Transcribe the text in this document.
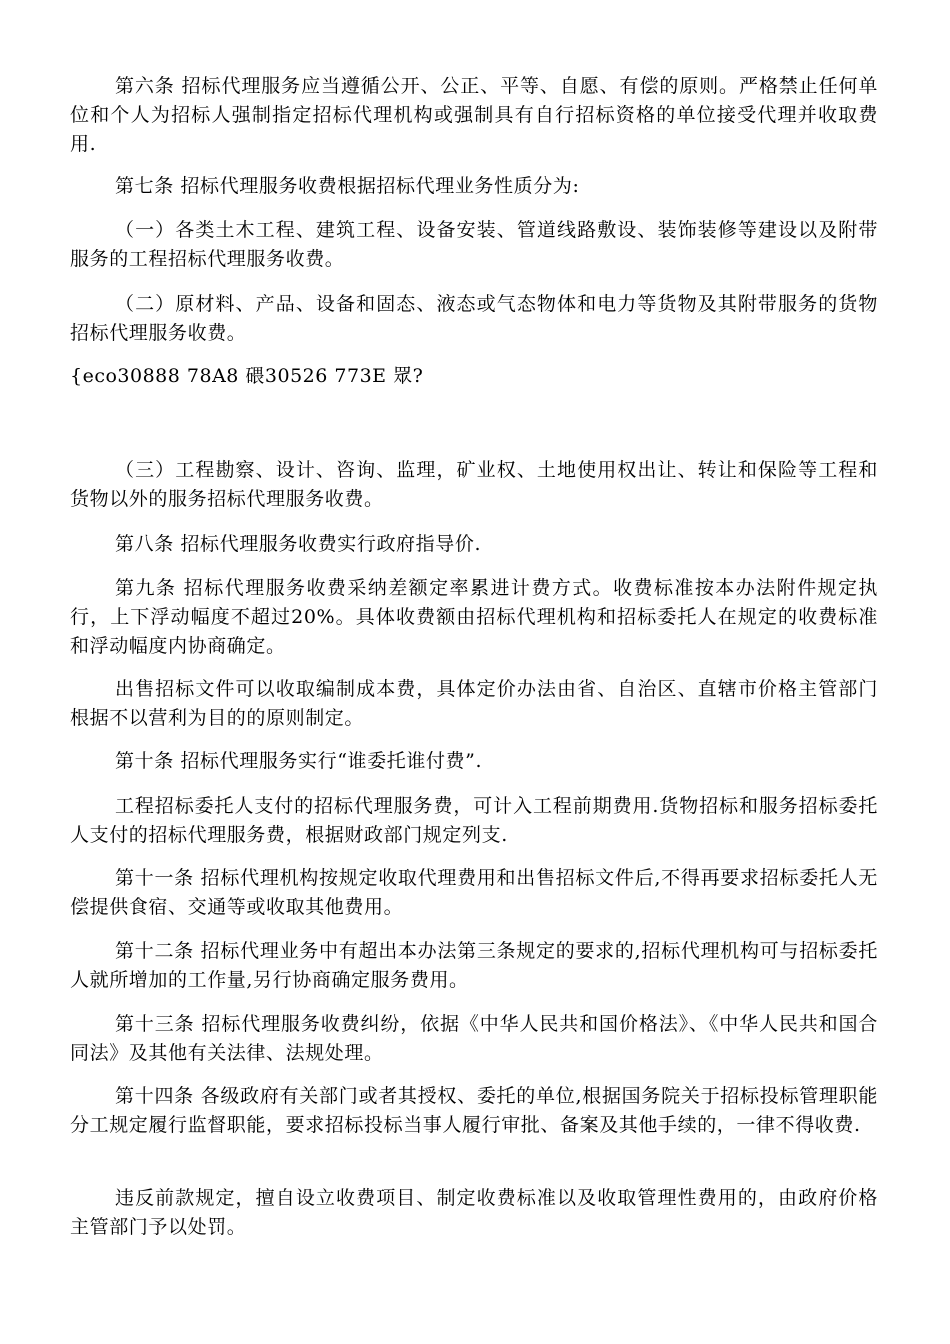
第六条 招标代理服务应当遵循公开、公正、平等、自愿、有偿的原则。严格禁止任何单位和个人为招标人强制指定招标代理机构或强制具有自行招标资格的单位接受代理并收取费用.

第七条 招标代理服务收费根据招标代理业务性质分为:

（一）各类土木工程、建筑工程、设备安装、管道线路敷设、装饰装修等建设以及附带服务的工程招标代理服务收费。

（二）原材料、产品、设备和固态、液态或气态物体和电力等货物及其附带服务的货物招标代理服务收费。

{eco30888 78A8 碨30526 773E 眾?

（三）工程勘察、设计、咨询、监理，矿业权、土地使用权出让、转让和保险等工程和货物以外的服务招标代理服务收费。

第八条 招标代理服务收费实行政府指导价.

第九条 招标代理服务收费采纳差额定率累进计费方式。收费标准按本办法附件规定执行，上下浮动幅度不超过20%。具体收费额由招标代理机构和招标委托人在规定的收费标准和浮动幅度内协商确定。

出售招标文件可以收取编制成本费，具体定价办法由省、自治区、直辖市价格主管部门根据不以营利为目的的原则制定。

第十条 招标代理服务实行“谁委托谁付费”.

工程招标委托人支付的招标代理服务费，可计入工程前期费用.货物招标和服务招标委托人支付的招标代理服务费，根据财政部门规定列支.

第十一条 招标代理机构按规定收取代理费用和出售招标文件后,不得再要求招标委托人无偿提供食宿、交通等或收取其他费用。

第十二条 招标代理业务中有超出本办法第三条规定的要求的,招标代理机构可与招标委托人就所增加的工作量,另行协商确定服务费用。

第十三条 招标代理服务收费纠纷，依据《中华人民共和国价格法》、《中华人民共和国合同法》及其他有关法律、法规处理。

第十四条 各级政府有关部门或者其授权、委托的单位,根据国务院关于招标投标管理职能分工规定履行监督职能，要求招标投标当事人履行审批、备案及其他手续的，一律不得收费.

违反前款规定，擅自设立收费项目、制定收费标准以及收取管理性费用的，由政府价格主管部门予以处罚。
